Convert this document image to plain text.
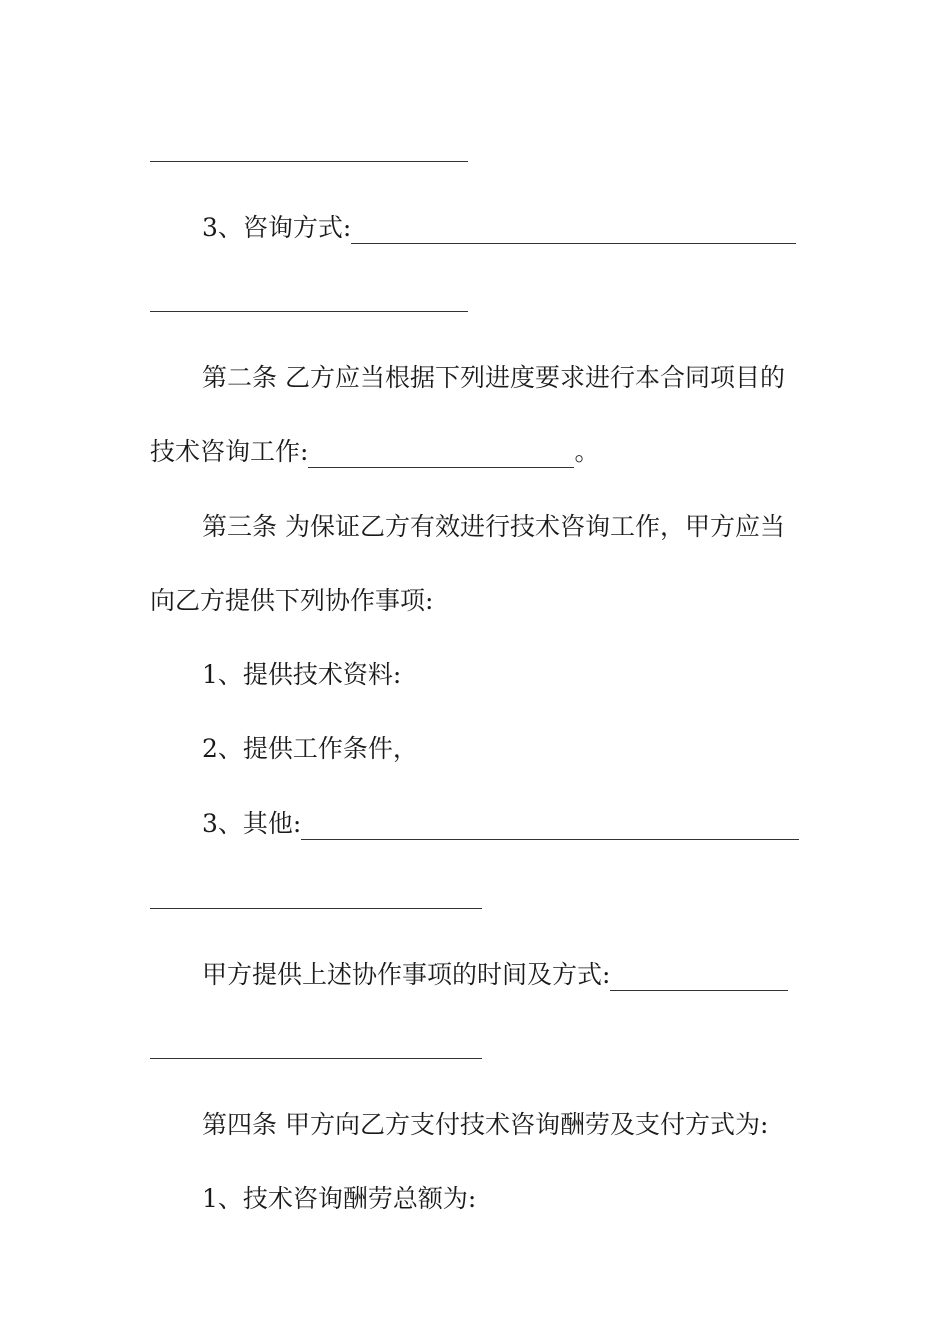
3、咨询方式:
第二条 乙方应当根据下列进度要求进行本合同项目的
技术咨询工作:	。
第三条 为保证乙方有效进行技术咨询工作，甲方应当
向乙方提供下列协作事项:
1、提供技术资料:
2、提供工作条件，
3、其他:
甲方提供上述协作事项的时间及方式:
第四条 甲方向乙方支付技术咨询酬劳及支付方式为:
1、技术咨询酬劳总额为:
